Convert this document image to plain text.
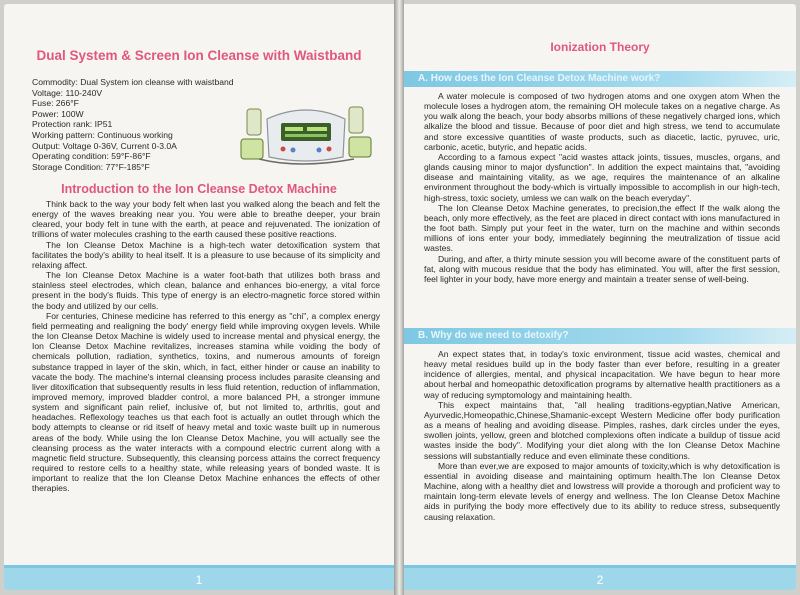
Dual System & Screen Ion Cleanse with Waistband
Commodity: Dual System ion cleanse with waistband
Voltage: 110-240V
Fuse: 266°F
Power: 100W
Protection rank: IP51
Working pattern: Continuous working
Output: Voltage 0-36V, Current 0-3.0A
Operating condition: 59°F-86°F
Storage Condition: 77°F-185°F
Introduction to the Ion Cleanse Detox Machine

Think back to the way your body felt when last you walked along the beach and felt the energy of the waves breaking near you. You were able to breathe deeper, your brain cleared, your body felt in tune with the earth, at peace and rejuvenated. The ionization of trillions of water molecules crashing to the earth caused these positive reactions.

The Ion Cleanse Detox Machine is a high-tech water detoxification system that facilitates the body's ability to heal itself. It is a pleasure to use because of its simplicity and relaxing affect.

The Ion Cleanse Detox Machine is a water foot-bath that utilizes both brass and stainless steel electrodes, which clean, balance and enhances bio-energy, a vital force present in the body's fluids. This type of energy is an electro-magnetic force stored within the body and utilized by our cells.

For centuries, Chinese medicine has referred to this energy as "chi", a complex energy field permeating and realigning the body' energy field while improving oxygen levels. While the Ion Cleanse Detox Machine is widely used to increase mental and physical energy, the Ion Cleanse Detox Machine revitalizes, increases stamina while voiding the body of chemicals pollution, radiation, synthetics, toxins, and numerous amounts of foreign substance trapped in layer of the skin, which, in fact, either hinder or cause an inability to vacate the body. The machine's internal cleansing process includes parasite cleansing and liver ditoxification that subsequently results in less fluid retention, reduction of inflammation, improved memory, improved bladder control, a more balanced PH, a stronger immune system and significant pain relief, inclusive of, but not limited to, arthritis, gout and headaches. Reflexology teaches us that each foot is actually an outlet through which the body attempts to cleanse or rid itself of heavy metal and toxic waste built up in numerous areas of the body. While using the Ion Cleanse Detox Machine, you will actually see the cleansing process as the water interacts with a compound electric current along with a magnetic field structure. Subsequently, this cleansing porcess attains the correct frequency required to restore cells to a healthy state, while releasing years of bonded waste. It is important to realize that the Ion Cleanse Detox Machine enhances the effects of other therapies.

1
Ionization Theory
A. How does the Ion Cleanse Detox Machine work?

A water molecule is composed of two hydrogen atoms and one oxygen atom When the molecule loses a hydrogen atom, the remaining OH molecule takes on a negative charge. As you walk along the beach, your body absorbs millions of these negatively charged ions, which alkalize the blood and tissue. Because of poor diet and high stress, we tend to accumulate and store excessive quantities of waste products, such as diacetic, lactic, pyruvec, uric, carbonic, acetic, butyric, and hepatic acids.

According to a famous expect "acid wastes attack joints, tissues, muscles, organs, and glands causing minor to major dysfunction". In addition the expect maintains that, "avoiding disease and maintaining vitality, as we age, requires the maintenance of an alkaline environment throughout the body-which is virtually impossible to accomplish in our high-tech, high-stress, toxic society, umless we can walk on the beach everyday".

The Ion Cleanse Detox Machine generates, to precision,the effect If the walk along the beach, only more effectively, as the feet are placed in direct contact with ions manufactured in the foot bath. Simply put your feet in the water, turn on the machine and within seconds millions of ions enter your body, immediately beginning the meutralization of tissue acid wastes.

During, and after, a thirty minute session you will become aware of the constituent parts of fat, along with mucous residue that the body has eliminated. You will, after the first session, feel lighter in your body, have more energy and maintain a treater sense of well-being.

B. Why do we need to detoxify?

An expect states that, in today's toxic environment, tissue acid wastes, chemical and heavy metal residues build up in the body faster than ever before, resulting in a greater incidence of allergies, mental, and physical incapacitation. We have begun to hear more about herbal and homeopathic detoxification programs by alternative health practitioners as a way of reducing symptomology and maintaining health.

This expect maintains that, "all healing traditions-egyptian,Native American, Ayurvedic,Homeopathic,Chinese,Shamanic-except Western Medicine offer body purification as a means of healing and avoiding disease. Pimples, rashes, dark circles under the eyes, swollen joints, yellow, green and blotched complexions often indicate a buildup of tissue acid wastes inside the body". Modifying your diet along with the Ion Cleanse Detox Machine sessions will substantially reduce and even eliminate these conditions.

More than ever,we are exposed to major amounts of toxicity,which is why detoxification is essential in avoiding disease and maintaining optimum health.The Ion Cleanse Detox Machine, along with a healthy diet and lowstress will provide a thorough and proficient way to maintain long-term elevate levels of energy and wellness. The Ion Cleanse Detox Machine aids in purifying the body more effectively due to its ability to reduce stress, subsequently causing relaxation.

2
